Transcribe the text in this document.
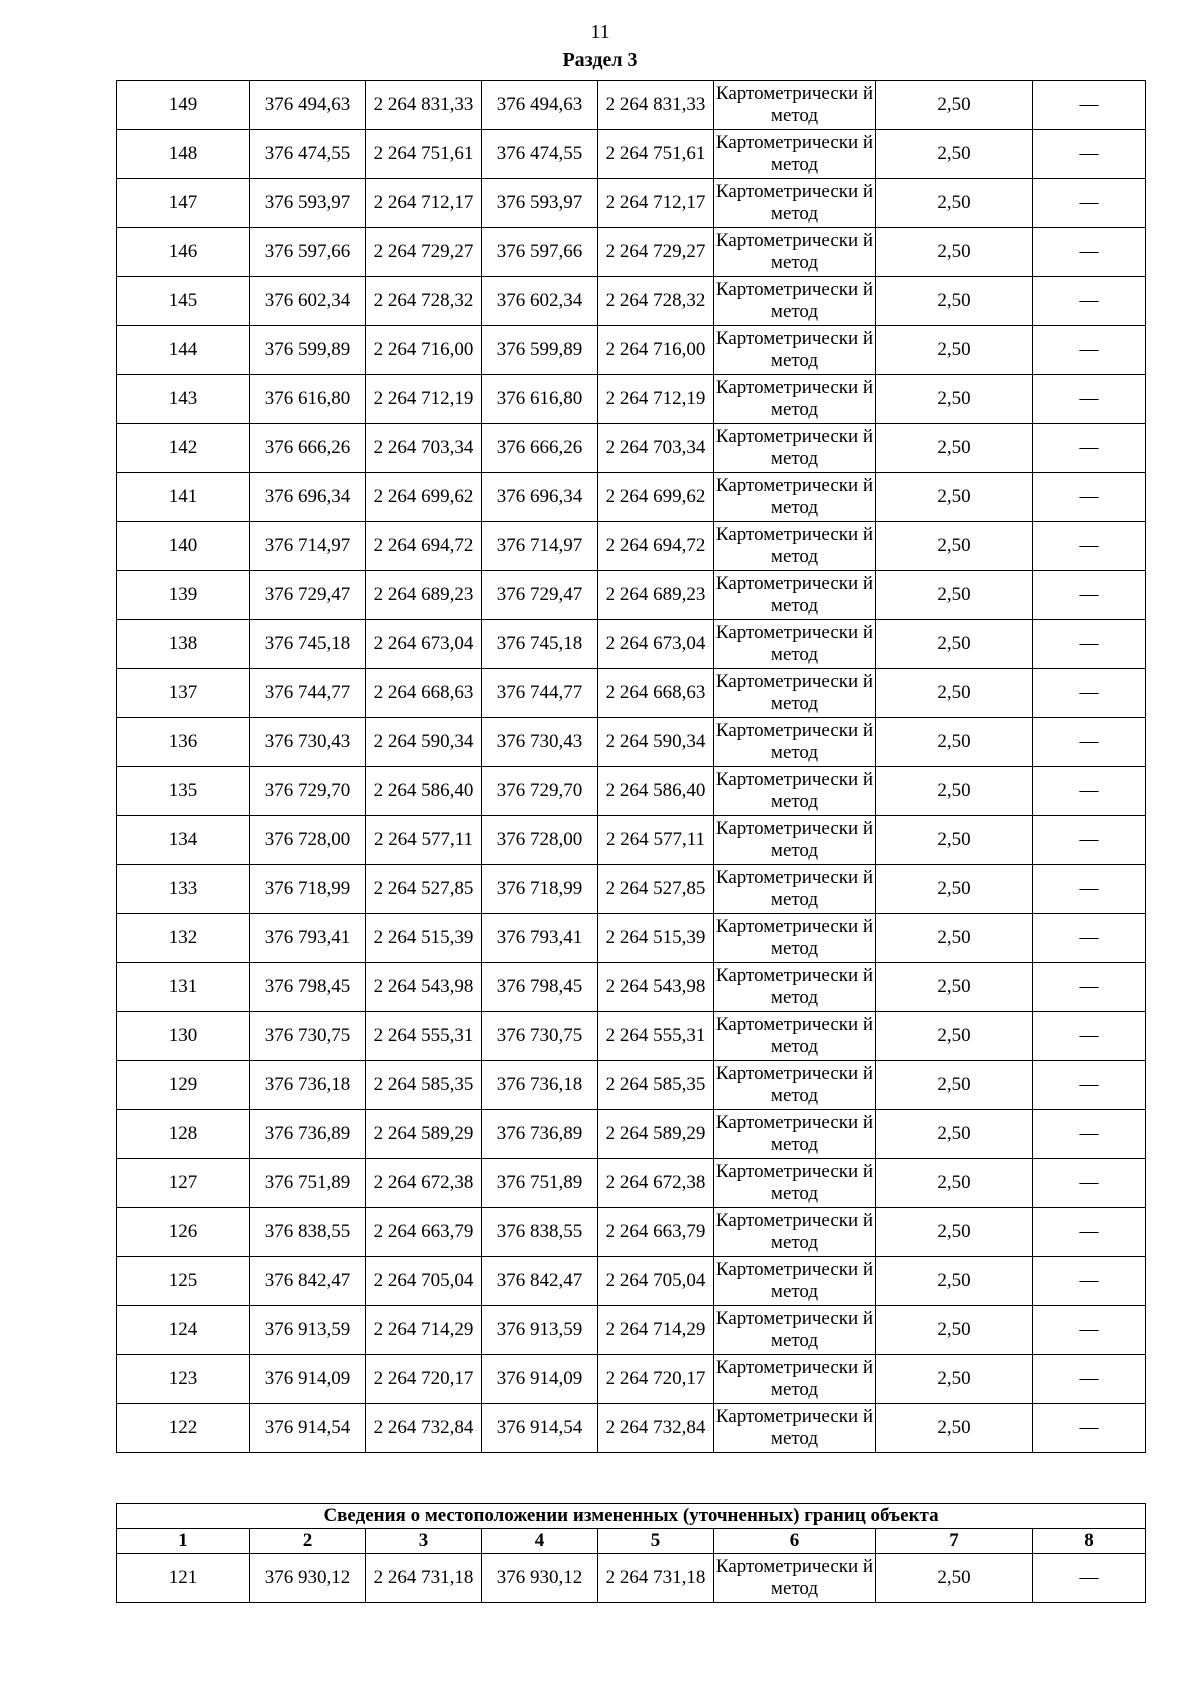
11
Раздел 3
149	376 494,63	2 264 831,33	376 494,63	2 264 831,33	Картометрически й метод	2,50	—
148	376 474,55	2 264 751,61	376 474,55	2 264 751,61	Картометрически й метод	2,50	—
147	376 593,97	2 264 712,17	376 593,97	2 264 712,17	Картометрически й метод	2,50	—
146	376 597,66	2 264 729,27	376 597,66	2 264 729,27	Картометрически й метод	2,50	—
145	376 602,34	2 264 728,32	376 602,34	2 264 728,32	Картометрически й метод	2,50	—
144	376 599,89	2 264 716,00	376 599,89	2 264 716,00	Картометрически й метод	2,50	—
143	376 616,80	2 264 712,19	376 616,80	2 264 712,19	Картометрически й метод	2,50	—
142	376 666,26	2 264 703,34	376 666,26	2 264 703,34	Картометрически й метод	2,50	—
141	376 696,34	2 264 699,62	376 696,34	2 264 699,62	Картометрически й метод	2,50	—
140	376 714,97	2 264 694,72	376 714,97	2 264 694,72	Картометрически й метод	2,50	—
139	376 729,47	2 264 689,23	376 729,47	2 264 689,23	Картометрически й метод	2,50	—
138	376 745,18	2 264 673,04	376 745,18	2 264 673,04	Картометрически й метод	2,50	—
137	376 744,77	2 264 668,63	376 744,77	2 264 668,63	Картометрически й метод	2,50	—
136	376 730,43	2 264 590,34	376 730,43	2 264 590,34	Картометрически й метод	2,50	—
135	376 729,70	2 264 586,40	376 729,70	2 264 586,40	Картометрически й метод	2,50	—
134	376 728,00	2 264 577,11	376 728,00	2 264 577,11	Картометрически й метод	2,50	—
133	376 718,99	2 264 527,85	376 718,99	2 264 527,85	Картометрически й метод	2,50	—
132	376 793,41	2 264 515,39	376 793,41	2 264 515,39	Картометрически й метод	2,50	—
131	376 798,45	2 264 543,98	376 798,45	2 264 543,98	Картометрически й метод	2,50	—
130	376 730,75	2 264 555,31	376 730,75	2 264 555,31	Картометрически й метод	2,50	—
129	376 736,18	2 264 585,35	376 736,18	2 264 585,35	Картометрически й метод	2,50	—
128	376 736,89	2 264 589,29	376 736,89	2 264 589,29	Картометрически й метод	2,50	—
127	376 751,89	2 264 672,38	376 751,89	2 264 672,38	Картометрически й метод	2,50	—
126	376 838,55	2 264 663,79	376 838,55	2 264 663,79	Картометрически й метод	2,50	—
125	376 842,47	2 264 705,04	376 842,47	2 264 705,04	Картометрически й метод	2,50	—
124	376 913,59	2 264 714,29	376 913,59	2 264 714,29	Картометрически й метод	2,50	—
123	376 914,09	2 264 720,17	376 914,09	2 264 720,17	Картометрически й метод	2,50	—
122	376 914,54	2 264 732,84	376 914,54	2 264 732,84	Картометрически й метод	2,50	—
Сведения о местоположении измененных (уточненных) границ объекта							
1	2	3	4	5	6	7	8
121	376 930,12	2 264 731,18	376 930,12	2 264 731,18	Картометрически й метод	2,50	—
